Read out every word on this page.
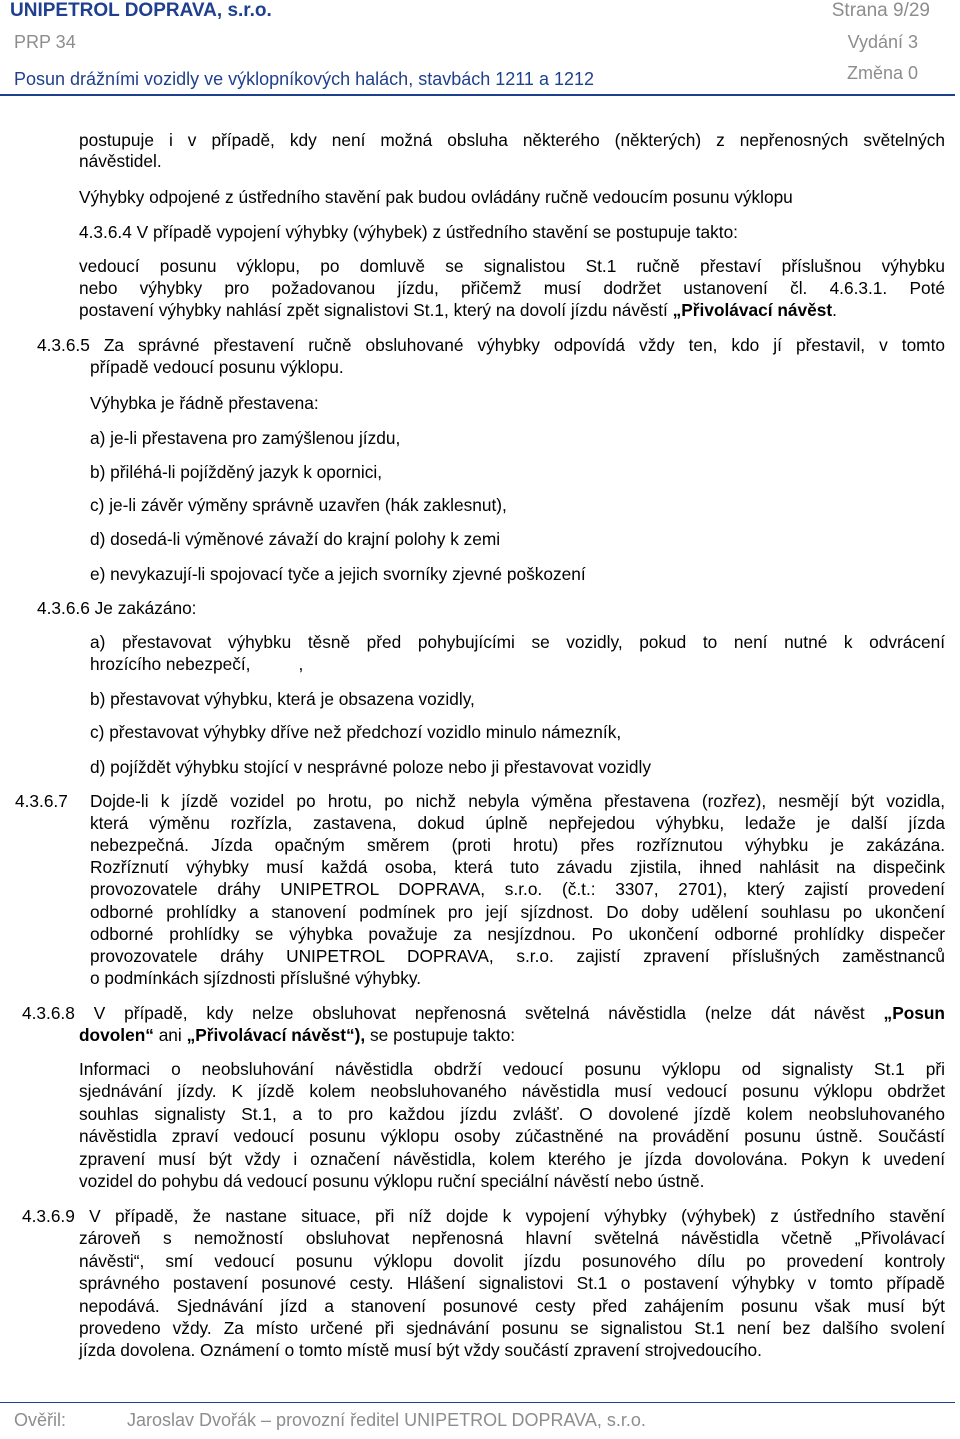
UNIPETROL DOPRAVA, s.r.o.	Strana 9/29
PRP 34	Vydání 3
Posun drážními vozidly ve výklopníkových halách, stavbách 1211 a 1212	Změna 0
postupuje i v případě, kdy není možná obsluha některého (některých) z nepřenosných světelných
návěstidel.
Výhybky odpojené z ústředního stavění pak budou ovládány ručně vedoucím posunu výklopu
4.3.6.4 V případě vypojení výhybky (výhybek) z ústředního stavění se postupuje takto:
vedoucí posunu výklopu, po domluvě se signalistou St.1 ručně přestaví příslušnou výhybku
nebo výhybky pro požadovanou jízdu, přičemž musí dodržet ustanovení čl. 4.6.3.1. Poté
postavení výhybky nahlásí zpět signalistovi St.1, který na dovolí jízdu návěstí „Přivolávací návěst.
4.3.6.5 Za správné přestavení ručně obsluhované výhybky odpovídá vždy ten, kdo jí přestavil, v tomto
případě vedoucí posunu výklopu.
Výhybka je řádně přestavena:
a) je-li přestavena pro zamýšlenou jízdu,
b) přiléhá-li pojížděný jazyk k opornici,
c) je-li závěr výměny správně uzavřen (hák zaklesnut),
d) dosedá-li výměnové závaží do krajní polohy k zemi
e) nevykazují-li spojovací tyče a jejich svorníky zjevné poškození
4.3.6.6 Je zakázáno:
a) přestavovat výhybku těsně před pohybujícími se vozidly, pokud to není nutné k odvrácení
hrozícího nebezpečí,          ,
b) přestavovat výhybku, která je obsazena vozidly,
c) přestavovat výhybky dříve než předchozí vozidlo minulo námezník,
d) pojíždět výhybku stojící v nesprávné poloze nebo ji přestavovat vozidly
4.3.6.7 Dojde-li k jízdě vozidel po hrotu, po nichž nebyla výměna přestavena (rozřez), nesmějí být vozidla,
která výměnu rozřízla, zastavena, dokud úplně nepřejedou výhybku, ledaže je další jízda
nebezpečná. Jízda opačným směrem (proti hrotu) přes rozříznutou výhybku je zakázána.
Rozříznutí výhybky musí každá osoba, která tuto závadu zjistila, ihned nahlásit na dispečink
provozovatele dráhy UNIPETROL DOPRAVA, s.r.o. (č.t.: 3307, 2701), který zajistí provedení
odborné prohlídky a stanovení podmínek pro její sjízdnost. Do doby udělení souhlasu po ukončení
odborné prohlídky se výhybka považuje za nesjízdnou. Po ukončení odborné prohlídky dispečer
provozovatele dráhy UNIPETROL DOPRAVA, s.r.o. zajistí zpravení příslušných zaměstnanců
o podmínkách sjízdnosti příslušné výhybky.
4.3.6.8 V případě, kdy nelze obsluhovat nepřenosná světelná návěstidla (nelze dát návěst „Posun
dovolen“ ani „Přivolávací návěst“), se postupuje takto:
Informaci o neobsluhování návěstidla obdrží vedoucí posunu výklopu od signalisty St.1 při
sjednávání jízdy. K jízdě kolem neobsluhovaného návěstidla musí vedoucí posunu výklopu obdržet
souhlas signalisty St.1, a to pro každou jízdu zvlášť. O dovolené jízdě kolem neobsluhovaného
návěstidla zpraví vedoucí posunu výklopu osoby zúčastněné na provádění posunu ústně. Součástí
zpravení musí být vždy i označení návěstidla, kolem kterého je jízda dovolována. Pokyn k uvedení
vozidel do pohybu dá vedoucí posunu výklopu ruční speciální návěstí nebo ústně.
4.3.6.9 V případě, že nastane situace, při níž dojde k vypojení výhybky (výhybek) z ústředního stavění
zároveň s nemožností obsluhovat nepřenosná hlavní světelná návěstidla včetně „Přivolávací
návěsti“, smí vedoucí posunu výklopu dovolit jízdu posunového dílu po provedení kontroly
správného postavení posunové cesty. Hlášení signalistovi St.1 o postavení výhybky v tomto případě
nepodává. Sjednávání jízd a stanovení posunové cesty před zahájením posunu však musí být
provedeno vždy. Za místo určené při sjednávání posunu se signalistou St.1 není bez dalšího svolení
jízda dovolena. Oznámení o tomto místě musí být vždy součástí zpravení strojvedoucího.
Ověřil:	Jaroslav Dvořák – provozní ředitel UNIPETROL DOPRAVA, s.r.o.
